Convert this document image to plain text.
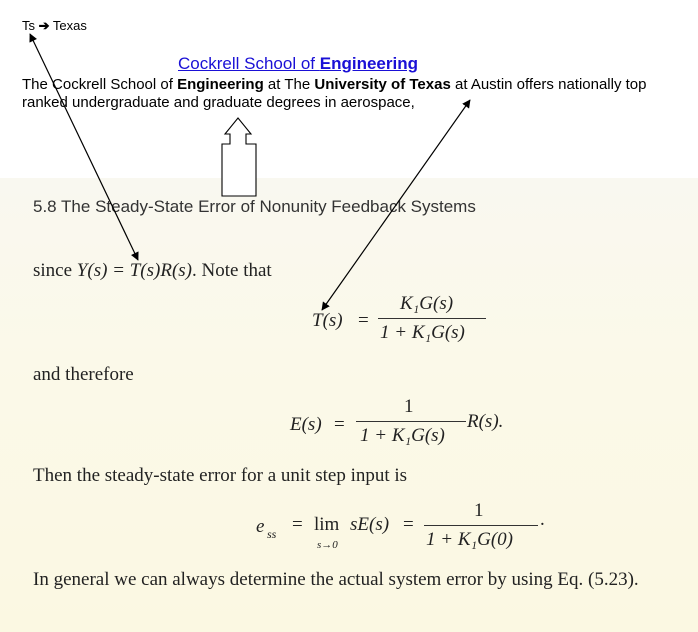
Ts ➔ Texas
Cockrell School of Engineering
The Cockrell School of Engineering at The University of Texas at Austin offers nationally top ranked undergraduate and graduate degrees in aerospace,
5.8 The Steady-State Error of Nonunity Feedback Systems
since Y(s) = T(s)R(s). Note that
T(s) =
K₁G(s)
1 + K₁G(s)
and therefore
E(s) =
1
1 + K₁G(s)
R(s).
Then the steady-state error for a unit step input is
e ss = lim
s→0
sE(s) =
1
1 + K₁G(0)
.
In general we can always determine the actual system error by using Eq. (5.23).
